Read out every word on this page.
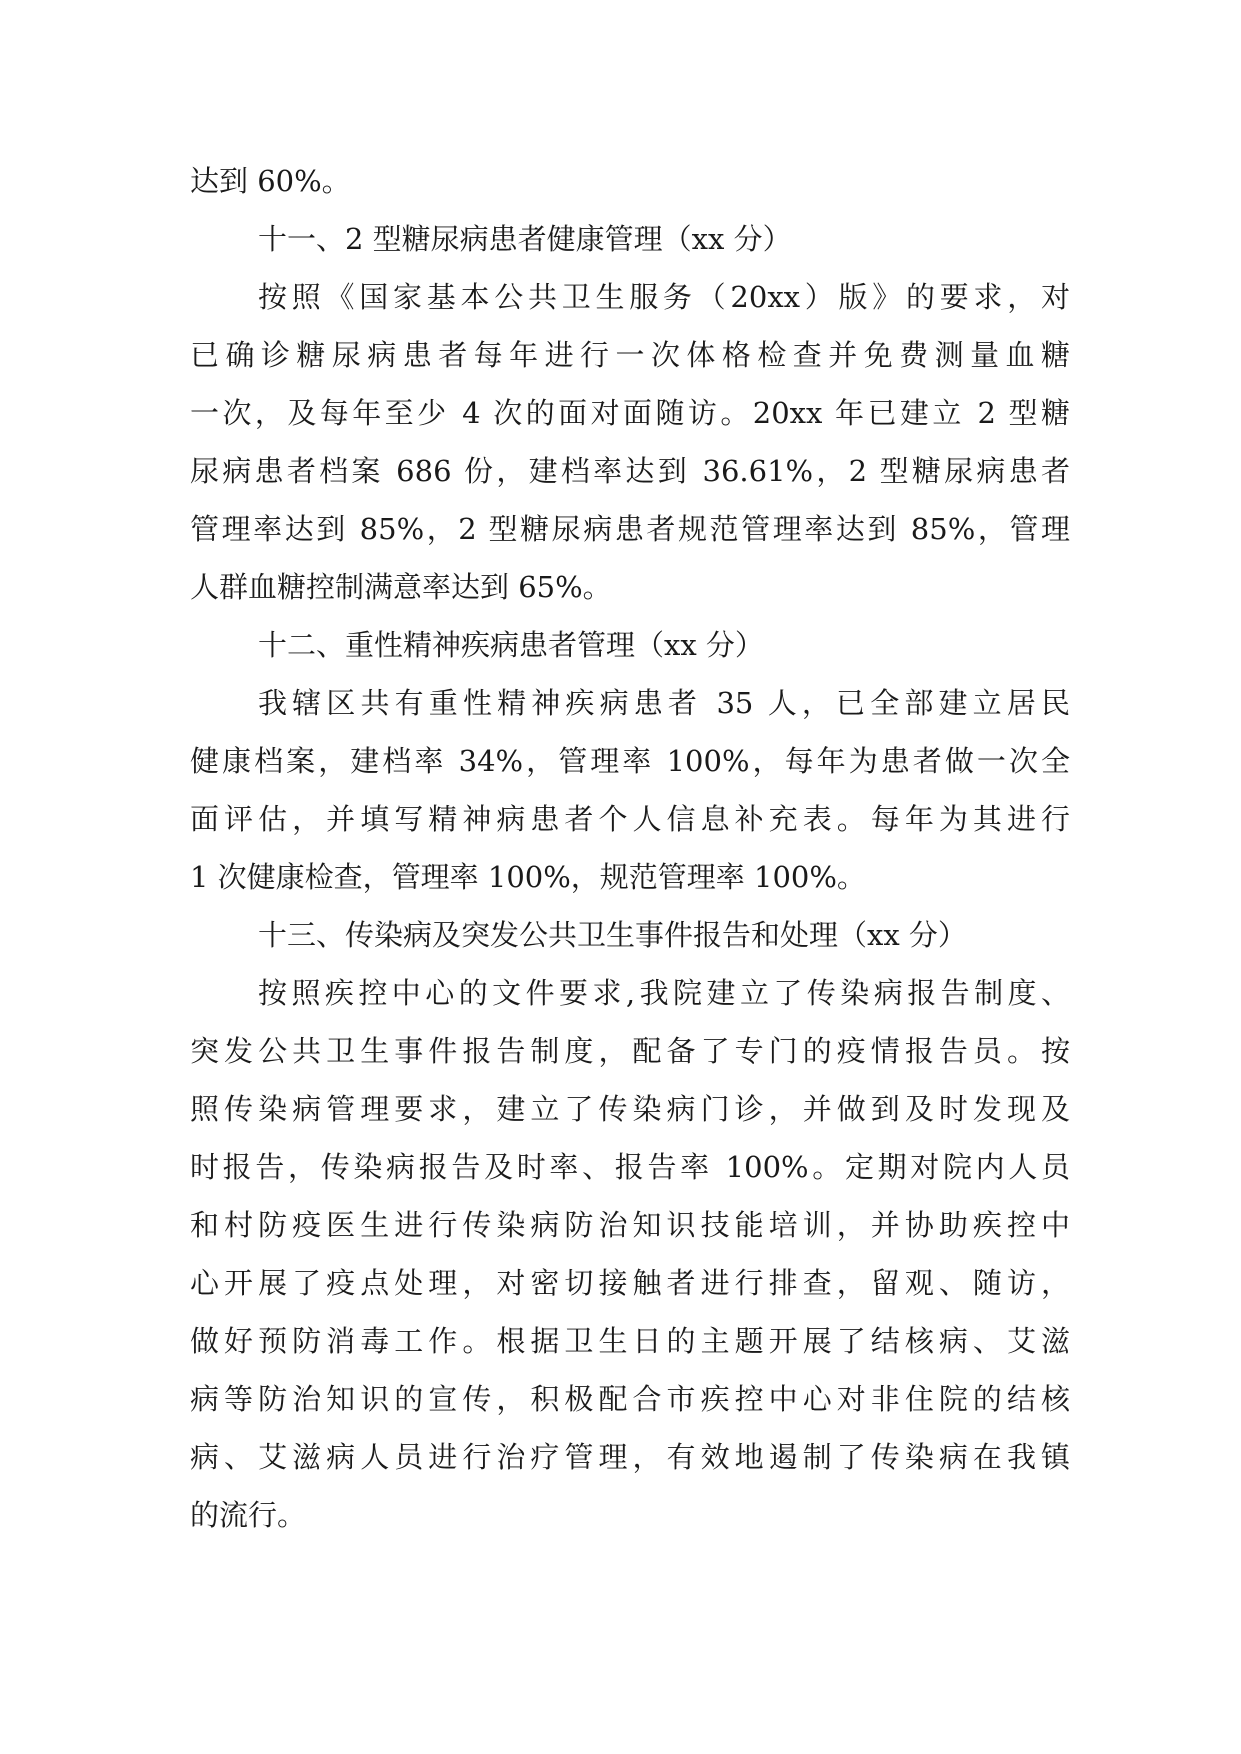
达到 60%。
十一、2 型糖尿病患者健康管理（xx 分）
按照《国家基本公共卫生服务（20xx）版》的要求，对
已确诊糖尿病患者每年进行一次体格检查并免费测量血糖
一次，及每年至少 4 次的面对面随访。20xx 年已建立 2 型糖
尿病患者档案 686 份，建档率达到 36.61%，2 型糖尿病患者
管理率达到 85%，2 型糖尿病患者规范管理率达到 85%，管理
人群血糖控制满意率达到 65%。
十二、重性精神疾病患者管理（xx 分）
我辖区共有重性精神疾病患者 35 人，已全部建立居民
健康档案，建档率 34%，管理率 100%，每年为患者做一次全
面评估，并填写精神病患者个人信息补充表。每年为其进行
1 次健康检查，管理率 100%，规范管理率 100%。
十三、传染病及突发公共卫生事件报告和处理（xx 分）
按照疾控中心的文件要求,我院建立了传染病报告制度、
突发公共卫生事件报告制度，配备了专门的疫情报告员。按
照传染病管理要求，建立了传染病门诊，并做到及时发现及
时报告，传染病报告及时率、报告率 100%。定期对院内人员
和村防疫医生进行传染病防治知识技能培训，并协助疾控中
心开展了疫点处理，对密切接触者进行排查，留观、随访，
做好预防消毒工作。根据卫生日的主题开展了结核病、艾滋
病等防治知识的宣传，积极配合市疾控中心对非住院的结核
病、艾滋病人员进行治疗管理，有效地遏制了传染病在我镇
的流行。
